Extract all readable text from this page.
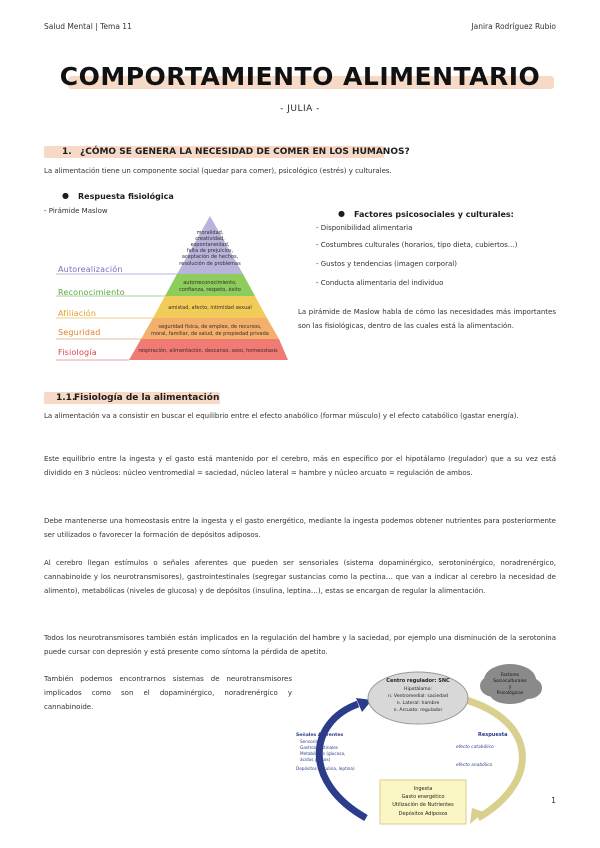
Salud Mental | Tema 11	Janira Rodríguez Rubio
COMPORTAMIENTO ALIMENTARIO
- JULIA -
1. ¿CÓMO SE GENERA LA NECESIDAD DE COMER EN LOS HUMANOS?
La alimentación tiene un componente social (quedar para comer), psicológico (estrés) y culturales.
● Respuesta fisiológica
- Pirámide Maslow
moralidad,
creatividad,
espontaneidad,
falta de prejuicios,
aceptación de hechos,
resolución de problemas
autorreconocimiento,
confianza, respeto, éxito
amistad, afecto, intimidad sexual
seguridad física, de empleo, de recursos,
moral, familiar, de salud, de propiedad privada
respiración, alimentación, descanso, sexo, homeostasis
Autorealización
Reconocimiento
Afiliación
Seguridad
Fisiología
● Factores psicosociales y culturales:
- Disponibilidad alimentaria
- Costumbres culturales (horarios, tipo dieta, cubiertos…)
- Gustos y tendencias (imagen corporal)
- Conducta alimentaria del individuo
La pirámide de Maslow habla de cómo las necesidades más importantes son las fisiológicas, dentro de las cuales está la alimentación.
1.1.
Fisiología de la alimentación
La alimentación va a consistir en buscar el equilibrio entre el efecto anabólico (formar músculo) y el efecto catabólico (gastar energía).
Este equilibrio entre la ingesta y el gasto está mantenido por el cerebro, más en específico por el hipotálamo (regulador) que a su vez está dividido en 3 núcleos: núcleo ventromedial = saciedad, núcleo lateral = hambre y núcleo arcuato = regulación de ambos.
Debe mantenerse una homeostasis entre la ingesta y el gasto energético, mediante la ingesta podemos obtener nutrientes para posteriormente ser utilizados o favorecer la formación de depósitos adiposos.
Al cerebro llegan estímulos o señales aferentes que pueden ser sensoriales (sistema dopaminérgico, serotoninérgico, noradrenérgico, cannabinoide y los neurotransmisores), gastrointestinales (segregar sustancias como la pectina… que van a indicar al cerebro la necesidad de alimento), metabólicas (niveles de glucosa) y de depósitos (insulina, leptina…), estas se encargan de regular la alimentación.
Todos los neurotransmisores también están implicados en la regulación del hambre y la saciedad, por ejemplo una disminución de la serotonina puede cursar con depresión y está presente como síntoma la pérdida de apetito.
También podemos encontrarnos sistemas de neurotransmisores implicados como son el dopaminérgico, noradrenérgico y cannabinoide.
Centro regulador: SNC
Hipotálamo:
n. Ventromedial: saciedad
n. Lateral: hambre
n. Arcuato: regulador
Factores
Socioculturales
y
Psicológicos
Señales Aferentes
Sensoriales
Gastrointestinales
Metabólicas (glucosa,
ácidos grasos)
Depósitos (insulina, leptina)
Respuesta
efecto catabólico
efecto anabólico
Ingesta
Gasto energético
Utilización de Nutrientes
Depósitos Adiposos
1
